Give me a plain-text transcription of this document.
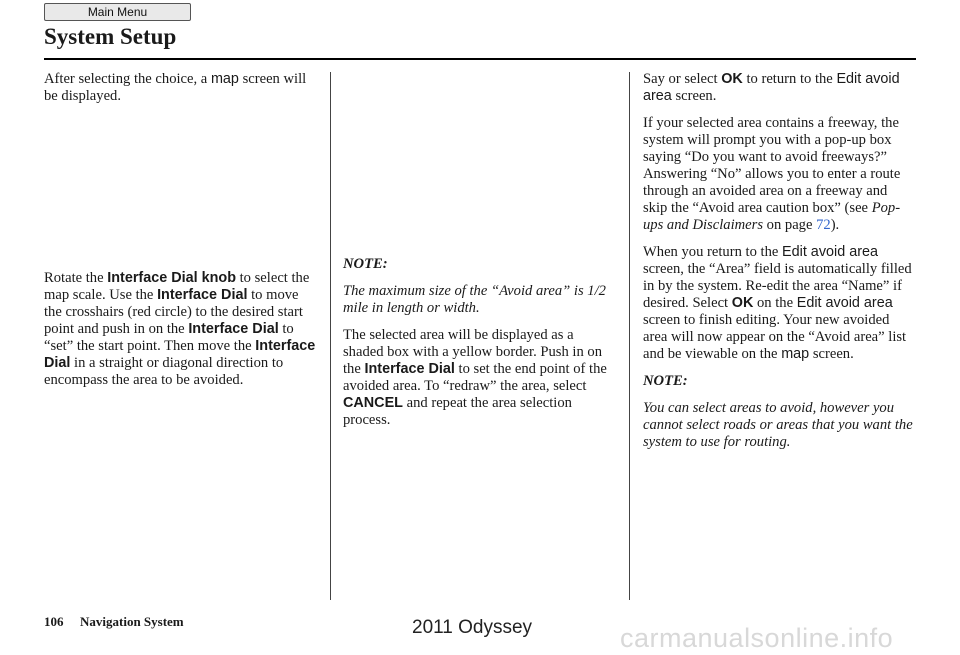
Main Menu
System Setup

After selecting the choice, a map screen will be displayed.

Rotate the Interface Dial knob to select the map scale. Use the Interface Dial to move the crosshairs (red circle) to the desired start point and push in on the Interface Dial to “set” the start point. Then move the Interface Dial in a straight or diagonal direction to encompass the area to be avoided.

NOTE:

The maximum size of the “Avoid area” is 1/2 mile in length or width.

The selected area will be displayed as a shaded box with a yellow border. Push in on the Interface Dial to set the end point of the avoided area. To “redraw” the area, select CANCEL and repeat the area selection process.

Say or select OK to return to the Edit avoid area screen.

If your selected area contains a freeway, the system will prompt you with a pop-up box saying “Do you want to avoid freeways?” Answering “No” allows you to enter a route through an avoided area on a freeway and skip the “Avoid area caution box” (see Pop-ups and Disclaimers on page 72).

When you return to the Edit avoid area screen, the “Area” field is automatically filled in by the system. Re-edit the area “Name” if desired. Select OK on the Edit avoid area screen to finish editing. Your new avoided area will now appear on the “Avoid area” list and be viewable on the map screen.

NOTE:

You can select areas to avoid, however you cannot select roads or areas that you want the system to use for routing.

106 Navigation System	2011 Odyssey	carmanualsonline.info
